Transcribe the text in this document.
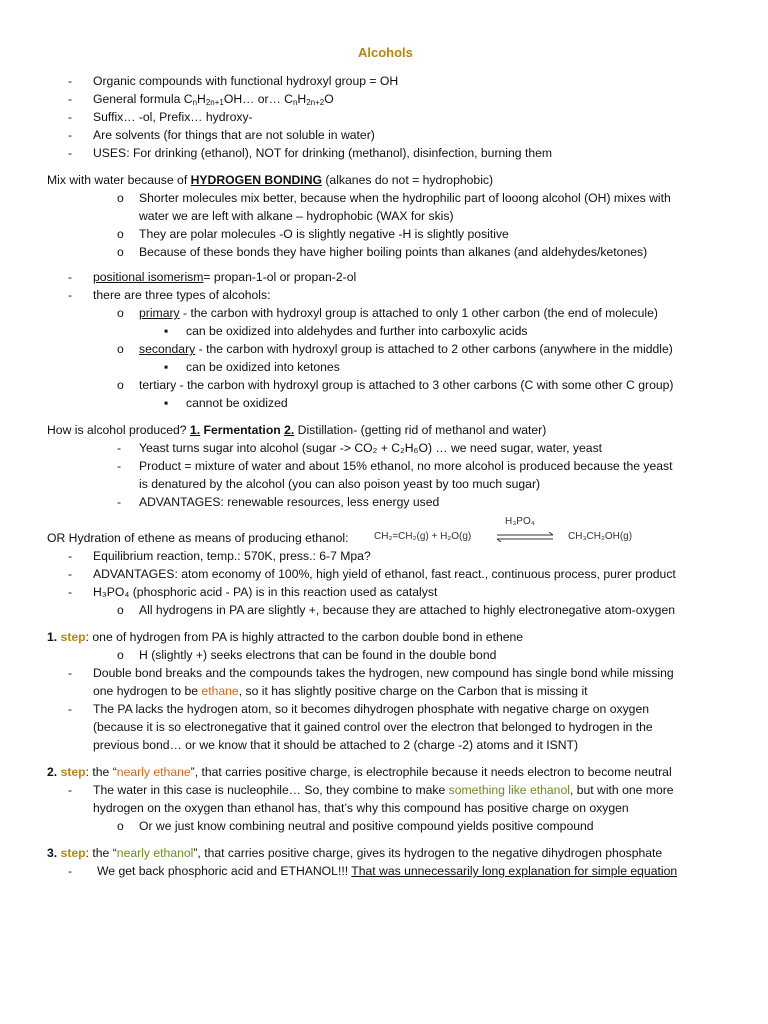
Alcohols
- Organic compounds with functional hydroxyl group = OH
- General formula $C_nH_{2n+1}OH\dots$ or… $C_nH_{2n+2}O$
- Suffix… -ol, Prefix… hydroxy-
- Are solvents (for things that are not soluble in water)
- USES: For drinking (ethanol), NOT for drinking (methanol), disinfection, burning them
Mix with water because of HYDROGEN BONDING (alkanes do not = hydrophobic)
o Shorter molecules mix better, because when the hydrophilic part of looong alcohol (OH) mixes with
water we are left with alkane – hydrophobic (WAX for skis)
o They are polar molecules -O is slightly negative -H is slightly positive
o Because of these bonds they have higher boiling points than alkanes (and aldehydes/ketones)
- positional isomerism= propan-1-ol or propan-2-ol
- there are three types of alcohols:
o primary - the carbon with hydroxyl group is attached to only 1 other carbon (the end of molecule)
▪ can be oxidized into aldehydes and further into carboxylic acids
o secondary - the carbon with hydroxyl group is attached to 2 other carbons (anywhere in the middle)
▪ can be oxidized into ketones
o tertiary - the carbon with hydroxyl group is attached to 3 other carbons (C with some other C group)
▪ cannot be oxidized
How is alcohol produced? 1. Fermentation 2. Distillation- (getting rid of methanol and water)
- Yeast turns sugar into alcohol (sugar -> CO₂ + C₂H₆O) … we need sugar, water, yeast
- Product = mixture of water and about 15% ethanol, no more alcohol is produced because the yeast
is denatured by the alcohol (you can also poison yeast by too much sugar)
- ADVANTAGES: renewable resources, less energy used
OR Hydration of ethene as means of producing ethanol:	CH₂=CH₂(g) + H₂O(g)
H₃PO₄
CH₃CH₂OH(g)
- Equilibrium reaction, temp.: 570K, press.: 6-7 Mpa?
- ADVANTAGES: atom economy of 100%, high yield of ethanol, fast react., continuous process, purer product
- H₃PO₄ (phosphoric acid - PA) is in this reaction used as catalyst
o All hydrogens in PA are slightly +, because they are attached to highly electronegative atom-oxygen
1. step: one of hydrogen from PA is highly attracted to the carbon double bond in ethene
o H (slightly +) seeks electrons that can be found in the double bond
- Double bond breaks and the compounds takes the hydrogen, new compound has single bond while missing
one hydrogen to be ethane, so it has slightly positive charge on the Carbon that is missing it
- The PA lacks the hydrogen atom, so it becomes dihydrogen phosphate with negative charge on oxygen
(because it is so electronegative that it gained control over the electron that belonged to hydrogen in the
previous bond… or we know that it should be attached to 2 (charge -2) atoms and it ISNT)
2. step: the “nearly ethane”, that carries positive charge, is electrophile because it needs electron to become neutral
- The water in this case is nucleophile… So, they combine to make something like ethanol, but with one more
hydrogen on the oxygen than ethanol has, that’s why this compound has positive charge on oxygen
o Or we just know combining neutral and positive compound yields positive compound
3. step: the “nearly ethanol”, that carries positive charge, gives its hydrogen to the negative dihydrogen phosphate
- We get back phosphoric acid and ETHANOL!!! That was unnecessarily long explanation for simple equation
